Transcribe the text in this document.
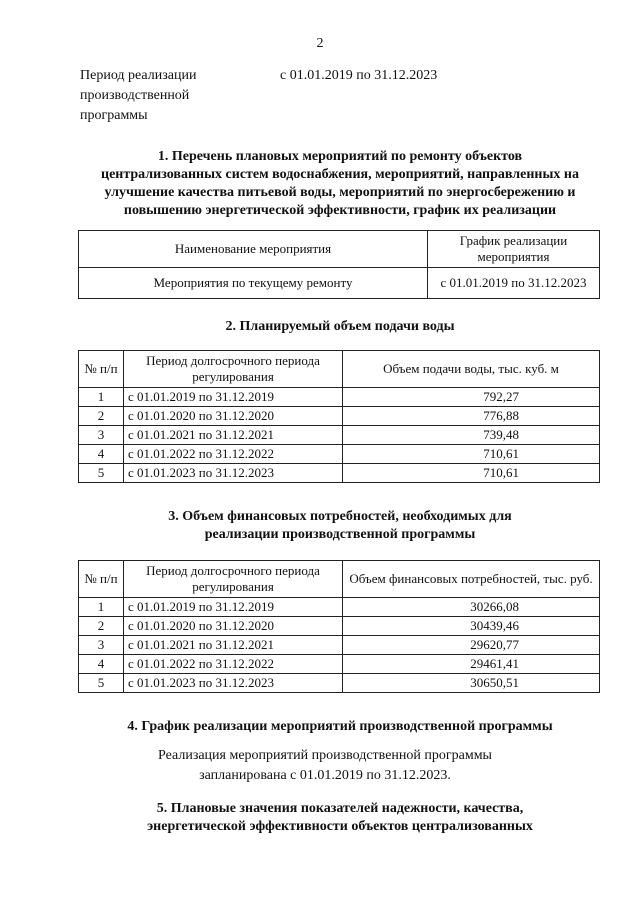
2
Период реализации
производственной
программы
с 01.01.2019 по 31.12.2023
1. Перечень плановых мероприятий по ремонту объектов
централизованных систем водоснабжения, мероприятий, направленных на
улучшение качества питьевой воды, мероприятий по энергосбережению и
повышению энергетической эффективности, график их реализации
Наименование мероприятия	График реализации мероприятия
Мероприятия по текущему ремонту	с 01.01.2019 по 31.12.2023
2. Планируемый объем подачи воды
№ п/п	Период долгосрочного периода регулирования	Объем подачи воды, тыс. куб. м
1	с 01.01.2019 по 31.12.2019	792,27
2	с 01.01.2020 по 31.12.2020	776,88
3	с 01.01.2021 по 31.12.2021	739,48
4	с 01.01.2022 по 31.12.2022	710,61
5	с 01.01.2023 по 31.12.2023	710,61
3. Объем финансовых потребностей, необходимых для
реализации производственной программы
№ п/п	Период долгосрочного периода регулирования	Объем финансовых потребностей, тыс. руб.
1	с 01.01.2019 по 31.12.2019	30266,08
2	с 01.01.2020 по 31.12.2020	30439,46
3	с 01.01.2021 по 31.12.2021	29620,77
4	с 01.01.2022 по 31.12.2022	29461,41
5	с 01.01.2023 по 31.12.2023	30650,51
4. График реализации мероприятий производственной программы
Реализация мероприятий производственной программы
запланирована с 01.01.2019 по 31.12.2023.
5. Плановые значения показателей надежности, качества,
энергетической эффективности объектов централизованных
